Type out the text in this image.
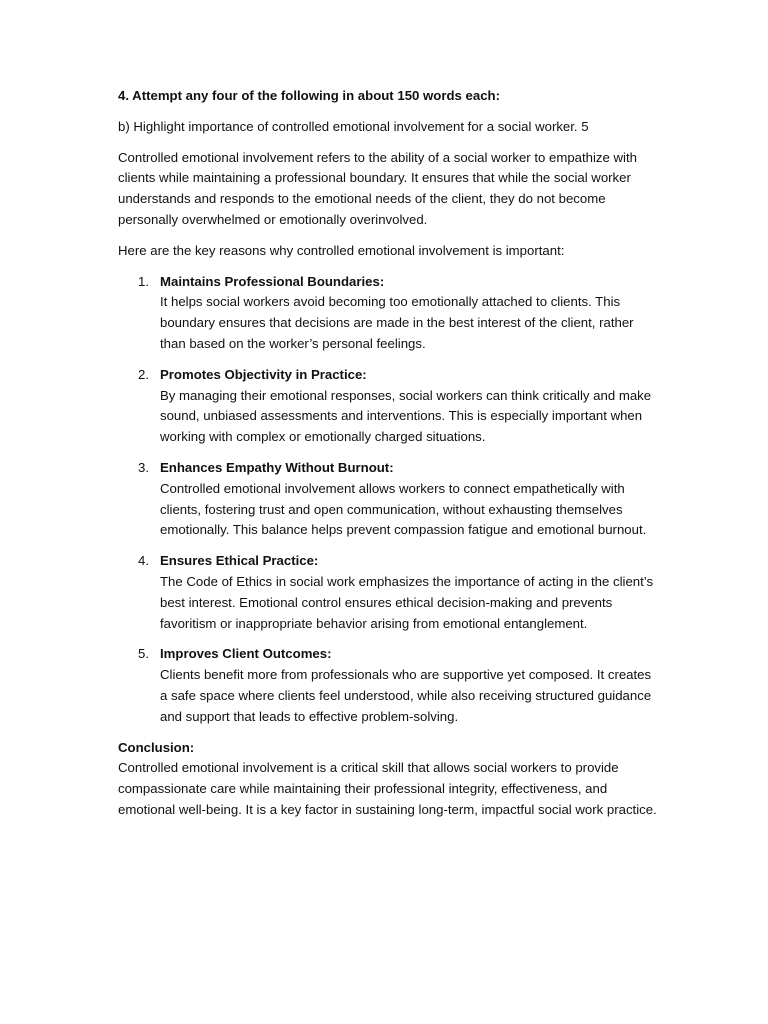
4. Attempt any four of the following in about 150 words each:

b) Highlight importance of controlled emotional involvement for a social worker. 5

Controlled emotional involvement refers to the ability of a social worker to empathize with clients while maintaining a professional boundary. It ensures that while the social worker understands and responds to the emotional needs of the client, they do not become personally overwhelmed or emotionally overinvolved.

Here are the key reasons why controlled emotional involvement is important:

1. Maintains Professional Boundaries:
It helps social workers avoid becoming too emotionally attached to clients. This boundary ensures that decisions are made in the best interest of the client, rather than based on the worker’s personal feelings.
2. Promotes Objectivity in Practice:
By managing their emotional responses, social workers can think critically and make sound, unbiased assessments and interventions. This is especially important when working with complex or emotionally charged situations.
3. Enhances Empathy Without Burnout:
Controlled emotional involvement allows workers to connect empathetically with clients, fostering trust and open communication, without exhausting themselves emotionally. This balance helps prevent compassion fatigue and emotional burnout.
4. Ensures Ethical Practice:
The Code of Ethics in social work emphasizes the importance of acting in the client’s best interest. Emotional control ensures ethical decision-making and prevents favoritism or inappropriate behavior arising from emotional entanglement.
5. Improves Client Outcomes:
Clients benefit more from professionals who are supportive yet composed. It creates a safe space where clients feel understood, while also receiving structured guidance and support that leads to effective problem-solving.
Conclusion:
Controlled emotional involvement is a critical skill that allows social workers to provide compassionate care while maintaining their professional integrity, effectiveness, and emotional well-being. It is a key factor in sustaining long-term, impactful social work practice.
